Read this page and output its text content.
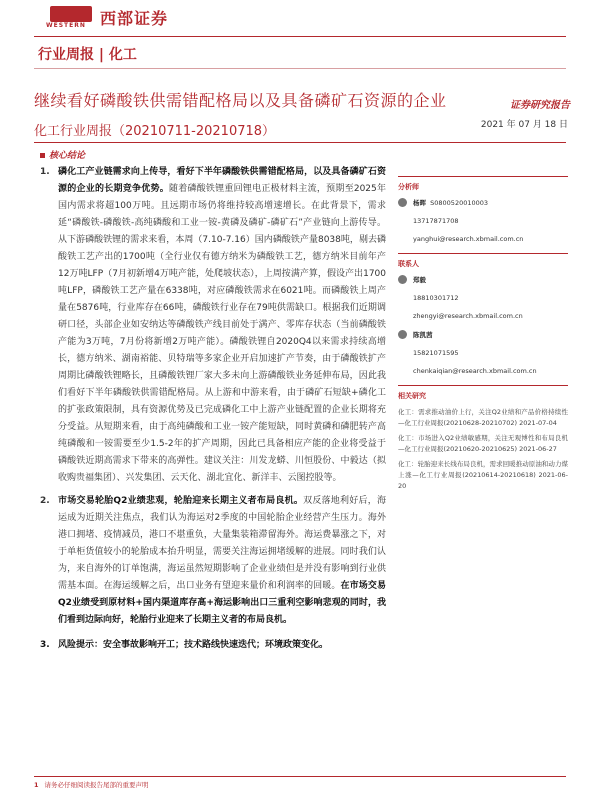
WESTERN 西部证券
行业周报 | 化工
继续看好磷酸铁供需错配格局以及具备磷矿石资源的企业	证券研究报告
化工行业周报（20210711-20210718）	2021 年 07 月 18 日
核心结论
1. 磷化工产业链需求向上传导，看好下半年磷酸铁供需错配格局，以及具备磷矿石资源的企业的长期竞争优势。随着磷酸铁锂重回锂电正极材料主流，预期至2025年国内需求将超100万吨。且远期市场仍将维持较高增速增长。在此背景下，需求延“磷酸铁-磷酸铁-高纯磷酸和工业一铵-黄磷及磷矿-磷矿石”产业链向上游传导。从下游磷酸铁锂的需求来看，本周（7.10-7.16）国内磷酸铁产量8038吨，剔去磷酸铁工艺产出的1700吨（全行业仅有德方纳米为磷酸铁工艺，德方纳米目前年产12万吨LFP（7月初新增4万吨产能，处爬坡状态），上周按满产算，假设产出1700吨LFP，磷酸铁工艺产量在6338吨，对应磷酸铁需求在6021吨。而磷酸铁上周产量在5876吨，行业库存在66吨，磷酸铁行业存在79吨供需缺口。根据我们近期调研口径，头部企业如安纳达等磷酸铁产线目前处于满产、零库存状态（当前磷酸铁产能为3万吨，7月份将新增2万吨产能）。磷酸铁锂自2020Q4以来需求持续高增长，德方纳米、湖南裕能、贝特瑞等多家企业开启加速扩产节奏，由于磷酸铁扩产周期比磷酸铁锂略长，且磷酸铁锂厂家大多未向上游磷酸铁业务延伸布局，因此我们看好下半年磷酸铁供需错配格局。从上游和中游来看，由于磷矿石短缺+磷化工的扩张政策限制，具有资源优势及已完成磷化工中上游产业链配置的企业长期将充分受益。从短期来看，由于高纯磷酸和工业一铵产能短缺，同时黄磷和磷肥转产高纯磷酸和一铵需要至少1.5-2年的扩产周期，因此已具备相应产能的企业将受益于磷酸铁近期高需求下带来的高弹性。建议关注：川发龙蟒、川恒股份、中毅达（拟收购贵福集团）、兴发集团、云天化、湖北宜化、新洋丰、云图控股等。
2. 市场交易轮胎Q2业绩悲观，轮胎迎来长期主义者布局良机。双反落地利好后，海运成为近期关注焦点，我们认为海运对2季度的中国轮胎企业经营产生压力。海外港口拥堵、疫情减员，港口不堪重负，大量集装箱滞留海外。海运费暴涨之下，对于单柜货值较小的轮胎成本抬升明显，需要关注海运拥堵缓解的进展。同时我们认为，来自海外的订单饱满，海运虽然短期影响了企业业绩但是并没有影响到行业供需基本面。在海运缓解之后，出口业务有望迎来量价和利润率的回暖。在市场交易Q2业绩受到原材料+国内渠道库存高+海运影响出口三重利空影响悲观的同时，我们看到边际向好，轮胎行业迎来了长期主义者的布局良机。
3. 风险提示：安全事故影响开工；技术路线快速迭代；环境政策变化。
分析师
杨晖
S0800520010003
13717871708
yanghui@research.xbmail.com.cn
联系人
郑毅
18810301712
zhengyi@research.xbmail.com.cn
陈凯茜
15821071595
chenkaiqian@research.xbmail.com.cn
相关研究
化工：需求推动油价上行，关注Q2业绩和产品价格持续性—化工行业周报(20210628-20210702) 2021-07-04
化工：市场进入Q2业绩敏感期，关注无观博性和布局良机—化工行业周报(20210620-20210625) 2021-06-27
化工：轮胎迎来长线布局良机，需求回暖推动原油和动力煤上涨—化工行业周报(20210614-20210618) 2021-06-20
1 请务必仔细阅读报告尾部的重要声明
